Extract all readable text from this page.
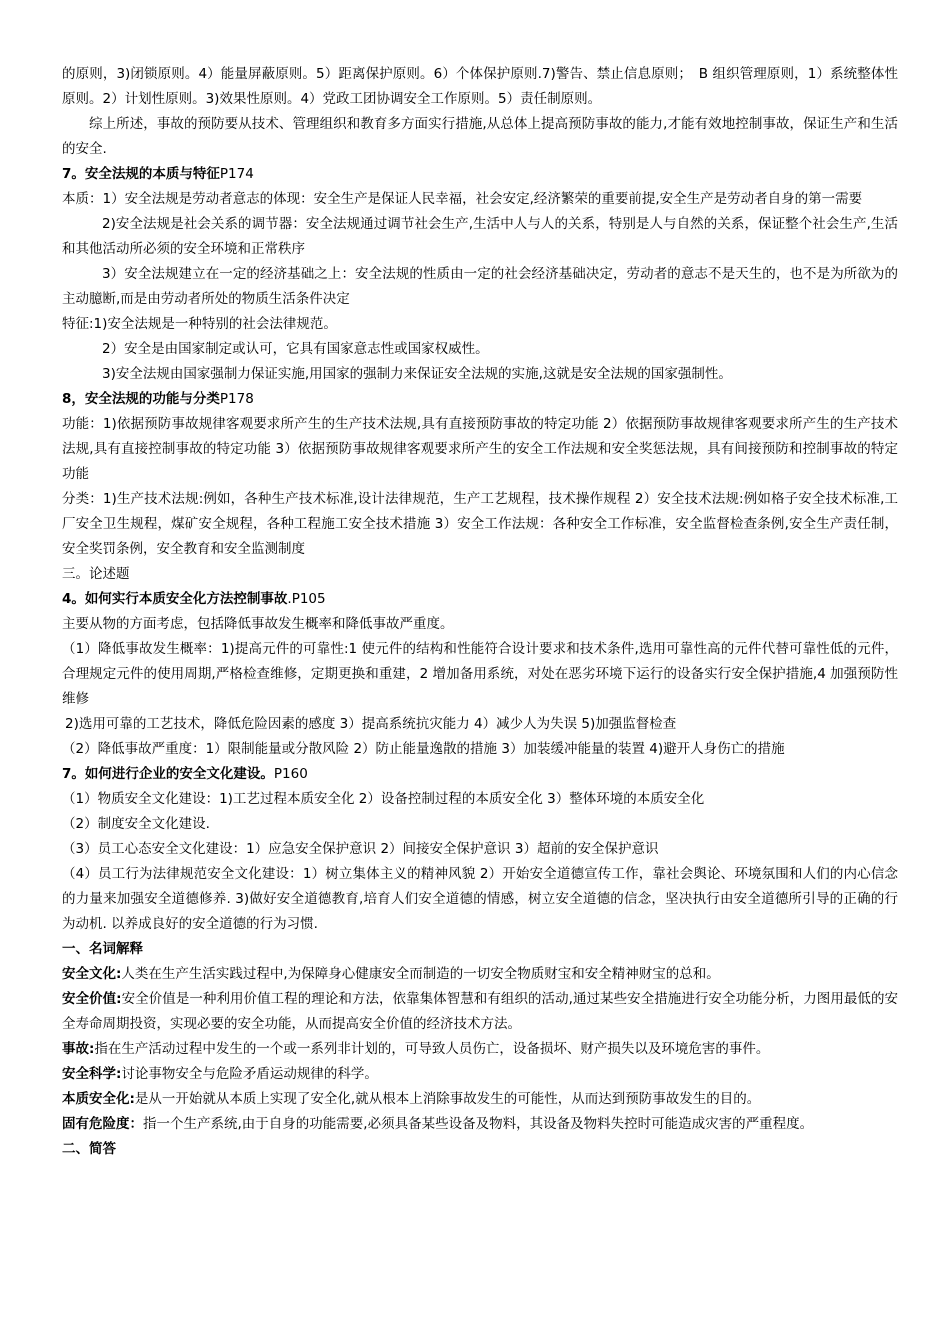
的原则，3)闭锁原则。4）能量屏蔽原则。5）距离保护原则。6）个体保护原则.7)警告、禁止信息原则；　B 组织管理原则，1）系统整体性原则。2）计划性原则。3)效果性原则。4）党政工团协调安全工作原则。5）责任制原则。

综上所述，事故的预防要从技术、管理组织和教育多方面实行措施,从总体上提高预防事故的能力,才能有效地控制事故，保证生产和生活的安全.

7。安全法规的本质与特征P174

本质：1）安全法规是劳动者意志的体现：安全生产是保证人民幸福，社会安定,经济繁荣的重要前提,安全生产是劳动者自身的第一需要

2)安全法规是社会关系的调节器：安全法规通过调节社会生产,生活中人与人的关系，特别是人与自然的关系，保证整个社会生产,生活和其他活动所必须的安全环境和正常秩序

3）安全法规建立在一定的经济基础之上：安全法规的性质由一定的社会经济基础决定，劳动者的意志不是天生的，也不是为所欲为的主动臆断,而是由劳动者所处的物质生活条件决定

特征:1)安全法规是一种特别的社会法律规范。

2）安全是由国家制定或认可，它具有国家意志性或国家权威性。

3)安全法规由国家强制力保证实施,用国家的强制力来保证安全法规的实施,这就是安全法规的国家强制性。

8，安全法规的功能与分类P178

功能：1)依据预防事故规律客观要求所产生的生产技术法规,具有直接预防事故的特定功能 2）依据预防事故规律客观要求所产生的生产技术法规,具有直接控制事故的特定功能 3）依据预防事故规律客观要求所产生的安全工作法规和安全奖惩法规，具有间接预防和控制事故的特定功能

分类：1)生产技术法规:例如，各种生产技术标准,设计法律规范，生产工艺规程，技术操作规程 2）安全技术法规:例如格子安全技术标准,工厂安全卫生规程，煤矿安全规程，各种工程施工安全技术措施 3）安全工作法规：各种安全工作标准，安全监督检查条例,安全生产责任制，安全奖罚条例，安全教育和安全监测制度

三。论述题

4。如何实行本质安全化方法控制事故.P105

主要从物的方面考虑，包括降低事故发生概率和降低事故严重度。

（1）降低事故发生概率：1)提高元件的可靠性:1 使元件的结构和性能符合设计要求和技术条件,选用可靠性高的元件代替可靠性低的元件，合理规定元件的使用周期,严格检查维修，定期更换和重建，2 增加备用系统，对处在恶劣环境下运行的设备实行安全保护措施,4 加强预防性维修

2)选用可靠的工艺技术，降低危险因素的感度 3）提高系统抗灾能力 4）减少人为失误 5)加强监督检查

（2）降低事故严重度：1）限制能量或分散风险 2）防止能量逸散的措施 3）加装缓冲能量的装置 4)避开人身伤亡的措施

7。如何进行企业的安全文化建设。P160

（1）物质安全文化建设：1)工艺过程本质安全化 2）设备控制过程的本质安全化 3）整体环境的本质安全化

（2）制度安全文化建设.

（3）员工心态安全文化建设：1）应急安全保护意识 2）间接安全保护意识 3）超前的安全保护意识

（4）员工行为法律规范安全文化建设：1）树立集体主义的精神风貌 2）开始安全道德宣传工作，靠社会舆论、环境氛围和人们的内心信念的力量来加强安全道德修养. 3)做好安全道德教育,培育人们安全道德的情感，树立安全道德的信念，坚决执行由安全道德所引导的正确的行为动机. 以养成良好的安全道德的行为习惯.

一、名词解释

安全文化:人类在生产生活实践过程中,为保障身心健康安全而制造的一切安全物质财宝和安全精神财宝的总和。

安全价值:安全价值是一种利用价值工程的理论和方法，依靠集体智慧和有组织的活动,通过某些安全措施进行安全功能分析，力图用最低的安全寿命周期投资，实现必要的安全功能，从而提高安全价值的经济技术方法。

事故:指在生产活动过程中发生的一个或一系列非计划的，可导致人员伤亡，设备损坏、财产损失以及环境危害的事件。

安全科学:讨论事物安全与危险矛盾运动规律的科学。

本质安全化:是从一开始就从本质上实现了安全化,就从根本上消除事故发生的可能性，从而达到预防事故发生的目的。

固有危险度：指一个生产系统,由于自身的功能需要,必须具备某些设备及物料，其设备及物料失控时可能造成灾害的严重程度。

二、简答
